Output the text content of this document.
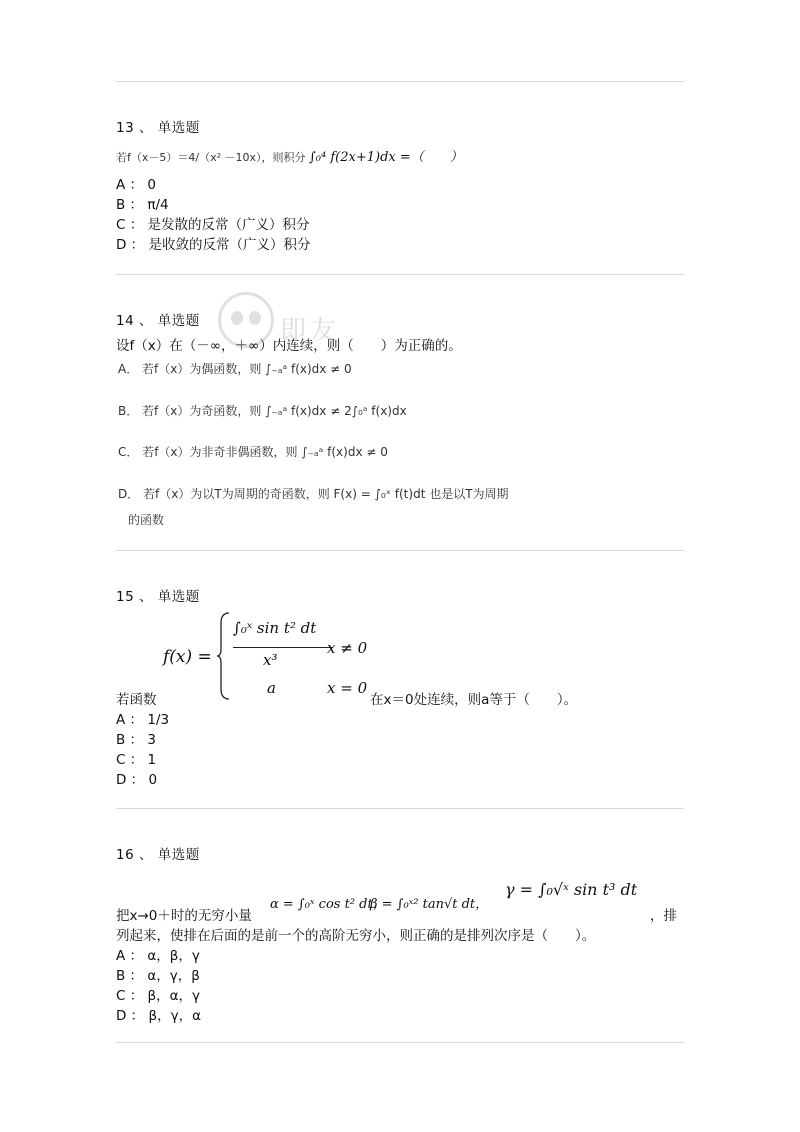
13 、 单选题
若f（x－5）＝4/（x² －10x），则积分 ∫₀⁴ f(2x+1)dx =（　　）
A ： 0
B ： π/4
C ： 是发散的反常（广义）积分
D ： 是收敛的反常（广义）积分
即友
14 、 单选题
设f（x）在（－∞，＋∞）内连续，则（　　）为正确的。
A． 若f（x）为偶函数，则 ∫₋ₐᵃ f(x)dx ≠ 0
B． 若f（x）为奇函数，则 ∫₋ₐᵃ f(x)dx ≠ 2∫₀ᵃ f(x)dx
C． 若f（x）为非奇非偶函数，则 ∫₋ₐᵃ f(x)dx ≠ 0
D． 若f（x）为以T为周期的奇函数，则 F(x) = ∫₀ˣ f(t)dt 也是以T为周期
的函数
15 、 单选题
f(x) =
∫₀ˣ sin t² dt
x³
x ≠ 0
a	x = 0
若函数	在x＝0处连续，则a等于（　　）。
A ： 1/3
B ： 3
C ： 1
D ： 0
16 、 单选题
把x→0＋时的无穷小量
α = ∫₀ˣ cos t² dt，
β = ∫₀ˣ² tan√t dt，
γ = ∫₀√ˣ sin t³ dt
，排
列起来，使排在后面的是前一个的高阶无穷小，则正确的是排列次序是（　　）。
A ： α，β，γ
B ： α，γ，β
C ： β，α，γ
D ： β，γ，α
